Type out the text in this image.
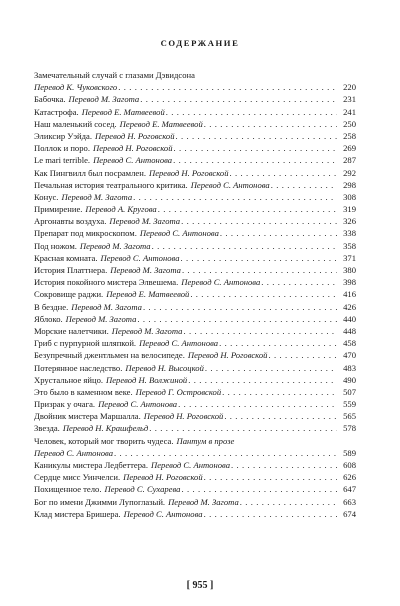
СОДЕРЖАНИЕ
Замечательный случай с глазами Дэвидсона
Перевод К. Чуковского . . .	220
Бабочка. Перевод М. Загота . . .	231
Катастрофа. Перевод Е. Матвеевой . . .	241
Наш маленький сосед. Перевод Е. Матвеевой . . .	250
Эликсир Уэйда. Перевод Н. Роговской . . .	258
Поллок и поро. Перевод Н. Роговской . . .	269
Le mari terrible. Перевод С. Антонова . . .	287
Как Пингвилл был посрамлен. Перевод Н. Роговской . . .	292
Печальная история театрального критика. Перевод С. Антонова . . .	298
Конус. Перевод М. Загота . . .	308
Примирение. Перевод А. Кругова . . .	319
Аргонавты воздуха. Перевод М. Загота . . .	326
Препарат под микроскопом. Перевод С. Антонова . . .	338
Под ножом. Перевод М. Загота . . .	358
Красная комната. Перевод С. Антонова . . .	371
История Платтнера. Перевод М. Загота . . .	380
История покойного мистера Элвешема. Перевод С. Антонова . . .	398
Сокровище раджи. Перевод Е. Матвеевой . . .	416
В бездне. Перевод М. Загота . . .	426
Яблоко. Перевод М. Загота . . .	440
Морские налетчики. Перевод М. Загота . . .	448
Гриб с пурпурной шляпкой. Перевод С. Антонова . . .	458
Безупречный джентльмен на велосипеде. Перевод Н. Роговской . . .	470
Потерянное наследство. Перевод Н. Высоцкой . . .	483
Хрустальное яйцо. Перевод Н. Волжиной . . .	490
Это было в каменном веке. Перевод Г. Островской . . .	507
Призрак у очага. Перевод С. Антонова . . .	559
Двойник мистера Маршалла. Перевод Н. Роговской . . .	565
Звезда. Перевод Н. Крашфельд . . .	578
Человек, который мог творить чудеса. Пантум в прозе
Перевод С. Антонова . . .	589
Каникулы мистера Ледбеттера. Перевод С. Антонова . . .	608
Сердце мисс Уинчелси. Перевод Н. Роговской . . .	626
Похищенное тело. Перевод С. Сухарева . . .	647
Бог по имени Джимми Лупоглазый. Перевод М. Загота . . .	663
Клад мистера Бришера. Перевод С. Антонова . . .	674
[ 955 ]
